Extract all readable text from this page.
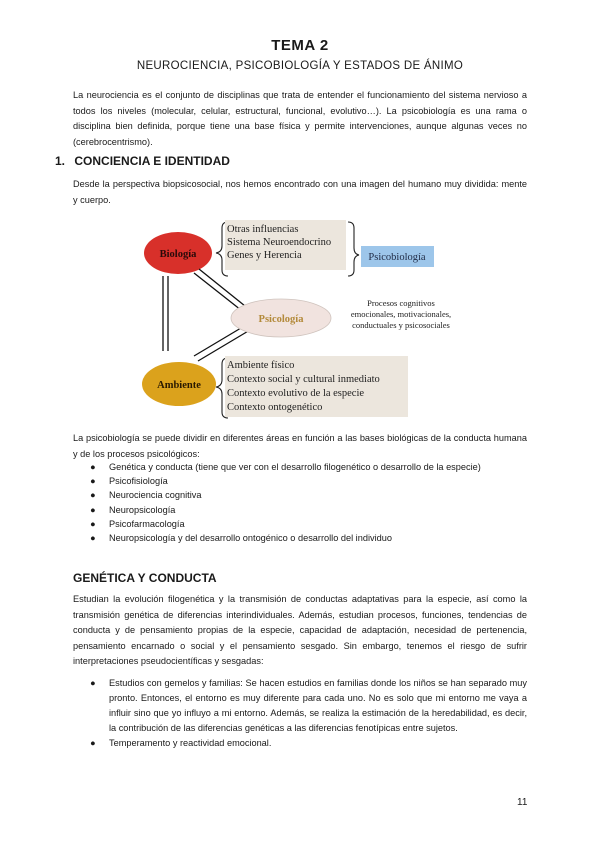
TEMA 2
NEUROCIENCIA, PSICOBIOLOGÍA Y ESTADOS DE ÁNIMO
La neurociencia es el conjunto de disciplinas que trata de entender el funcionamiento del sistema nervioso a todos los niveles (molecular, celular, estructural, funcional, evolutivo…). La psicobiología es una rama o disciplina bien definida, porque tiene una base física y permite intervenciones, aunque algunas veces no (cerebrocentrismo).
1. CONCIENCIA E IDENTIDAD
Desde la perspectiva biopsicosocial, nos hemos encontrado con una imagen del humano muy dividida: mente y cuerpo.
Biología
Otras influencias
Sistema Neuroendocrino
Genes y Herencia	Psicobiología
Psicología
Procesos cognitivos
emocionales, motivacionales,
conductuales y psicosociales
Ambiente
Ambiente físico
Contexto social y cultural inmediato
Contexto evolutivo de la especie
Contexto ontogenético
La psicobiología se puede dividir en diferentes áreas en función a las bases biológicas de la conducta humana y de los procesos psicológicos:
● Genética y conducta (tiene que ver con el desarrollo filogenético o desarrollo de la especie)
● Psicofisiología
● Neurociencia cognitiva
● Neuropsicología
● Psicofarmacología
● Neuropsicología y del desarrollo ontogénico o desarrollo del individuo
GENÉTICA Y CONDUCTA
Estudian la evolución filogenética y la transmisión de conductas adaptativas para la especie, así como la transmisión genética de diferencias interindividuales. Además, estudian procesos, funciones, tendencias de conducta y de pensamiento propias de la especie, capacidad de adaptación, necesidad de pertenencia, pensamiento encarnado o social y el pensamiento sesgado. Sin embargo, tenemos el riesgo de sufrir interpretaciones pseudocientíficas y sesgadas:
● Estudios con gemelos y familias: Se hacen estudios en familias donde los niños se han separado muy pronto. Entonces, el entorno es muy diferente para cada uno. No es solo que mi entorno me vaya a influir sino que yo influyo a mi entorno. Además, se realiza la estimación de la heredabilidad, es decir, la contribución de las diferencias genéticas a las diferencias fenotípicas entre sujetos.
● Temperamento y reactividad emocional.
11
